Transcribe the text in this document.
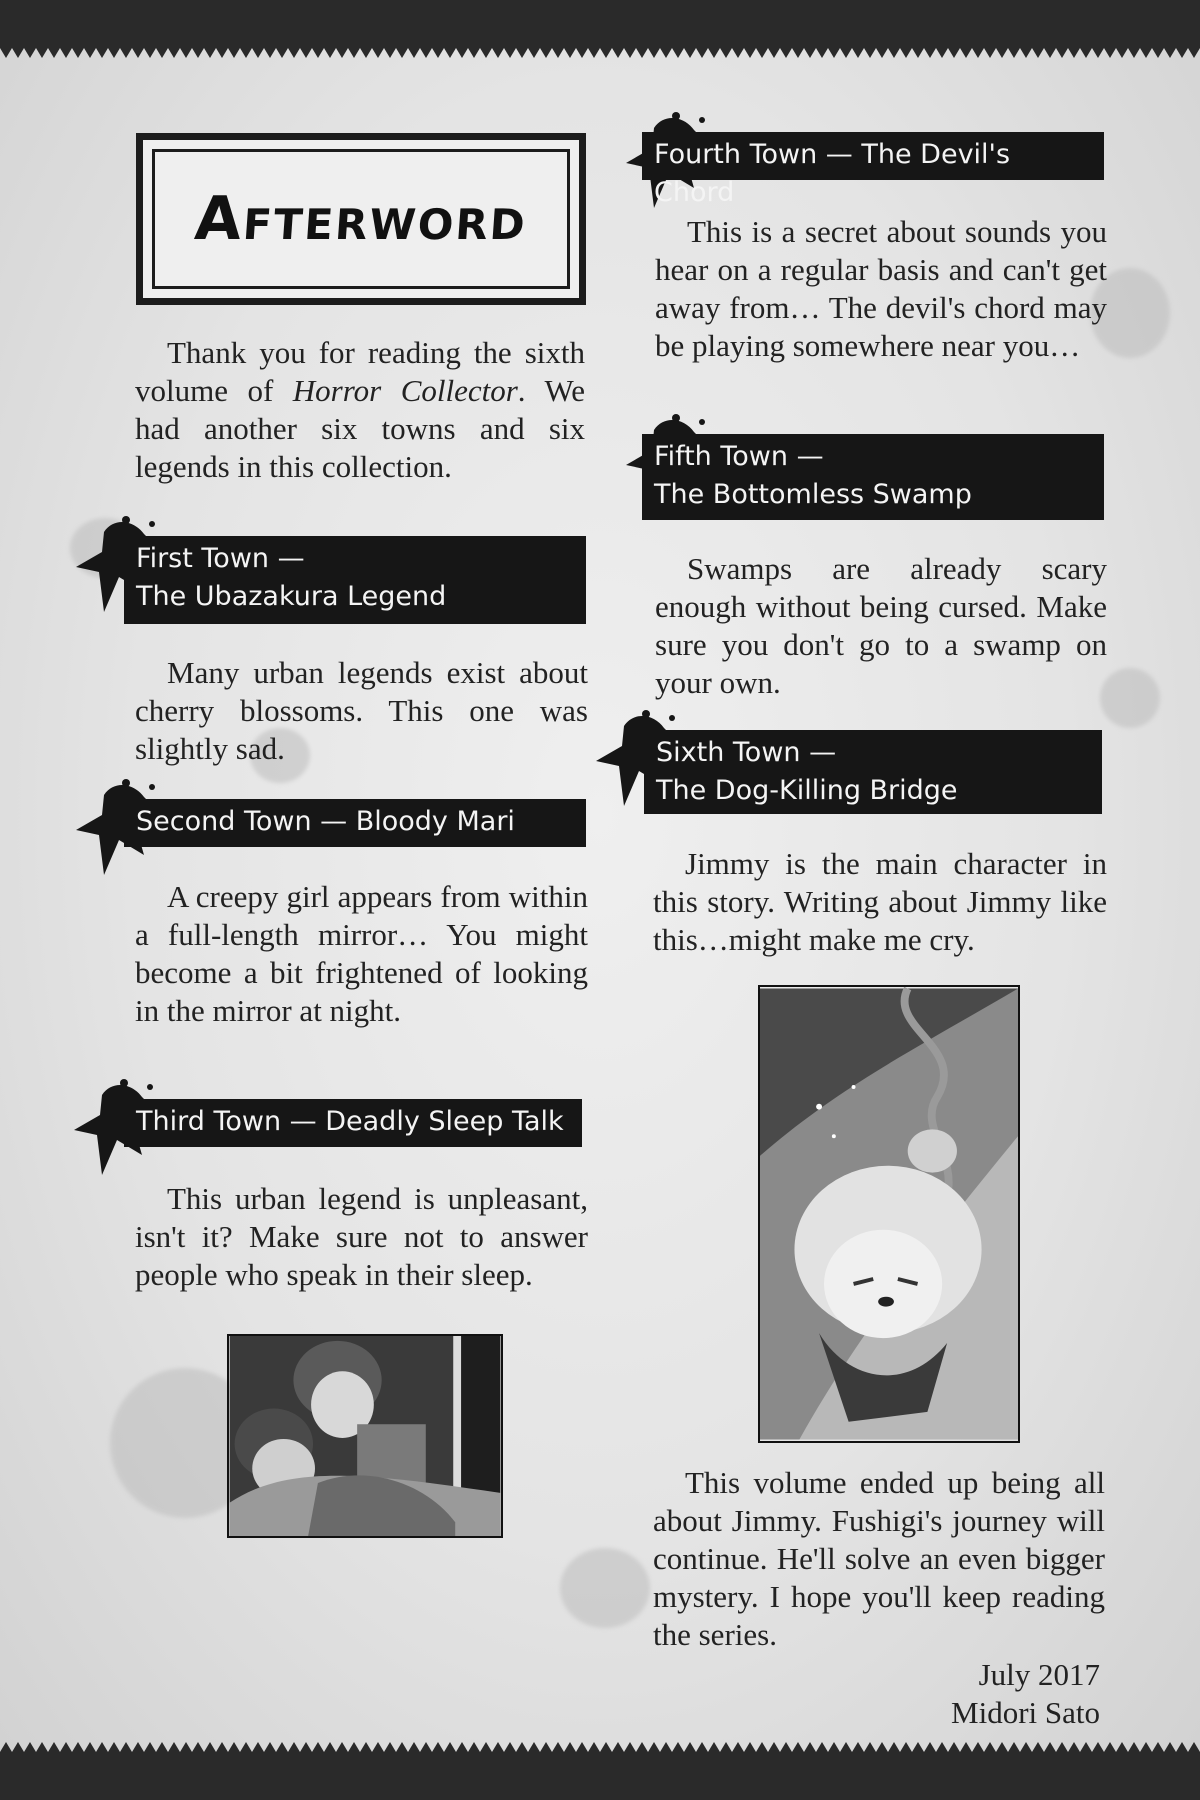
Afterword

Thank you for reading the sixth volume of Horror Collector. We had another six towns and six legends in this collection.

First Town —
The Ubazakura Legend

Many urban legends exist about cherry blossoms. This one was slightly sad.

Second Town — Bloody Mari

A creepy girl appears from within a full-length mirror… You might become a bit frightened of looking in the mirror at night.

Third Town — Deadly Sleep Talk

This urban legend is unpleasant, isn't it? Make sure not to answer people who speak in their sleep.

Fourth Town — The Devil's Chord

This is a secret about sounds you hear on a regular basis and can't get away from… The devil's chord may be playing somewhere near you…

Fifth Town —
The Bottomless Swamp

Swamps are already scary enough without being cursed. Make sure you don't go to a swamp on your own.

Sixth Town —
The Dog-Killing Bridge

Jimmy is the main character in this story. Writing about Jimmy like this…might make me cry.

This volume ended up being all about Jimmy. Fushigi's journey will continue. He'll solve an even bigger mystery. I hope you'll keep reading the series.

July 2017

Midori Sato
